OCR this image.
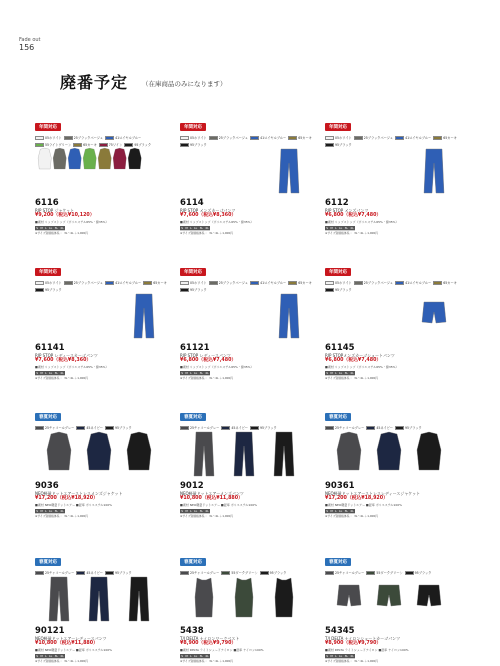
Fade out
156
廃番予定 （在庫商品のみになります）
年間対応
05ホワイト	25ブラックベージュ	41ロイヤルブルー
55ライトグリーン	65カーキ	75ワイン	95ブラック
6116
RIP STOP ジャケット
¥9,200（税込¥10,120）
■素材 リップストップ（ポリエステル65%・綿35%）
S	M	L	LL	3L	4L
※サイズ別価格体系 ： 3L～4L ＋1,000円
年間対応
05ホワイト	25ブラックベージュ	41ロイヤルブルー	65カーキ
95ブラック
6114
RIP STOP メンズカーゴパンツ
¥7,600（税込¥8,360）
■素材 リップストップ（ポリエステル65%・綿35%）
S	M	L	LL	3L	4L
※サイズ別価格体系 ： 3L～4L ＋1,000円
年間対応
05ホワイト	25ブラックベージュ	41ロイヤルブルー	65カーキ
95ブラック
6112
RIP STOP メンズパンツ
¥6,800（税込¥7,480）
■素材 リップストップ（ポリエステル65%・綿35%）
S	M	L	LL	3L	4L
※サイズ別価格体系 ： 3L～4L ＋1,000円
年間対応
05ホワイト	25ブラックベージュ	41ロイヤルブルー	65カーキ
95ブラック
61141
RIP STOP レディースカーゴパンツ
¥7,600（税込¥8,360）
■素材 リップストップ（ポリエステル65%・綿35%）
S	M	L	LL	3L	4L
※サイズ別価格体系 ： 3L～4L ＋1,000円
年間対応
05ホワイト	25ブラックベージュ	41ロイヤルブルー	65カーキ
95ブラック
61121
RIP STOP レディースパンツ
¥6,800（税込¥7,480）
■素材 リップストップ（ポリエステル65%・綿35%）
S	M	L	LL	3L	4L
※サイズ別価格体系 ： 3L～4L ＋1,000円
年間対応
05ホワイト	25ブラックベージュ	41ロイヤルブルー	65カーキ
95ブラック
61145
RIP STOPメンズカーゴショートパンツ
¥6,800（税込¥7,480）
■素材 リップストップ（ポリエステル65%・綿35%）
S	M	L	LL	3L	4L
※サイズ別価格体系 ： 3L～4L ＋1,000円
春夏対応
25チャコールグレー	45ネイビー	95ブラック
9036
NEO軽量ドットエアーストレスメンズジャケット
¥17,200（税込¥18,920）
■素材 NEO軽量ドットエアー ■混率 ポリエステル100%
S	M	L	LL	3L	4L
※サイズ別価格体系 ： 3L～4L ＋1,000円
春夏対応
25チャコールグレー	45ネイビー	95ブラック
9012
NEO軽量ドットエアーメンズパンツ
¥10,800（税込¥11,880）
■素材 NEO軽量ドットエアー ■混率 ポリエステル100%
S	M	L	LL	3L	4L
※サイズ別価格体系 ： 3L～4L ＋1,000円
春夏対応
25チャコールグレー	45ネイビー	95ブラック
90361
NEO軽量ドットエアーストレスレディースジャケット
¥17,200（税込¥18,920）
■素材 NEO軽量ドットエアー ■混率 ポリエステル100%
S	M	L	LL	3L	4L
※サイズ別価格体系 ： 3L～4L ＋1,000円
春夏対応
25チャコールグレー	45ネイビー	95ブラック
90121
NEO軽量ドットエアーレディースパンツ
¥10,800（税込¥11,880）
■素材 NEO軽量ドットエアー ■混率 ポリエステル100%
S	M	L	LL	3L	4L
※サイズ別価格体系 ： 3L～4L ＋1,000円
春夏対応
25チャコールグレー	55ダークグリーン	95ブラック
5438
T/J DELTA ナイロンワークベスト
¥8,900（税込¥9,790）
■素材 DELTA ライトシェードナイロン ■混率 ナイロン100%
S	M	L	LL	3L	4L
※サイズ別価格体系 ： 3L～4L ＋1,000円
春夏対応
25チャコールグレー	55ダークグリーン	95ブラック
54345
T/J DELTA ナイロンショートカーゴパンツ
¥8,900（税込¥9,790）
■素材 DELTA ライトシェードナイロン ■混率 ナイロン100%
S	M	L	LL	3L	4L
※サイズ別価格体系 ： 3L～4L ＋1,000円
